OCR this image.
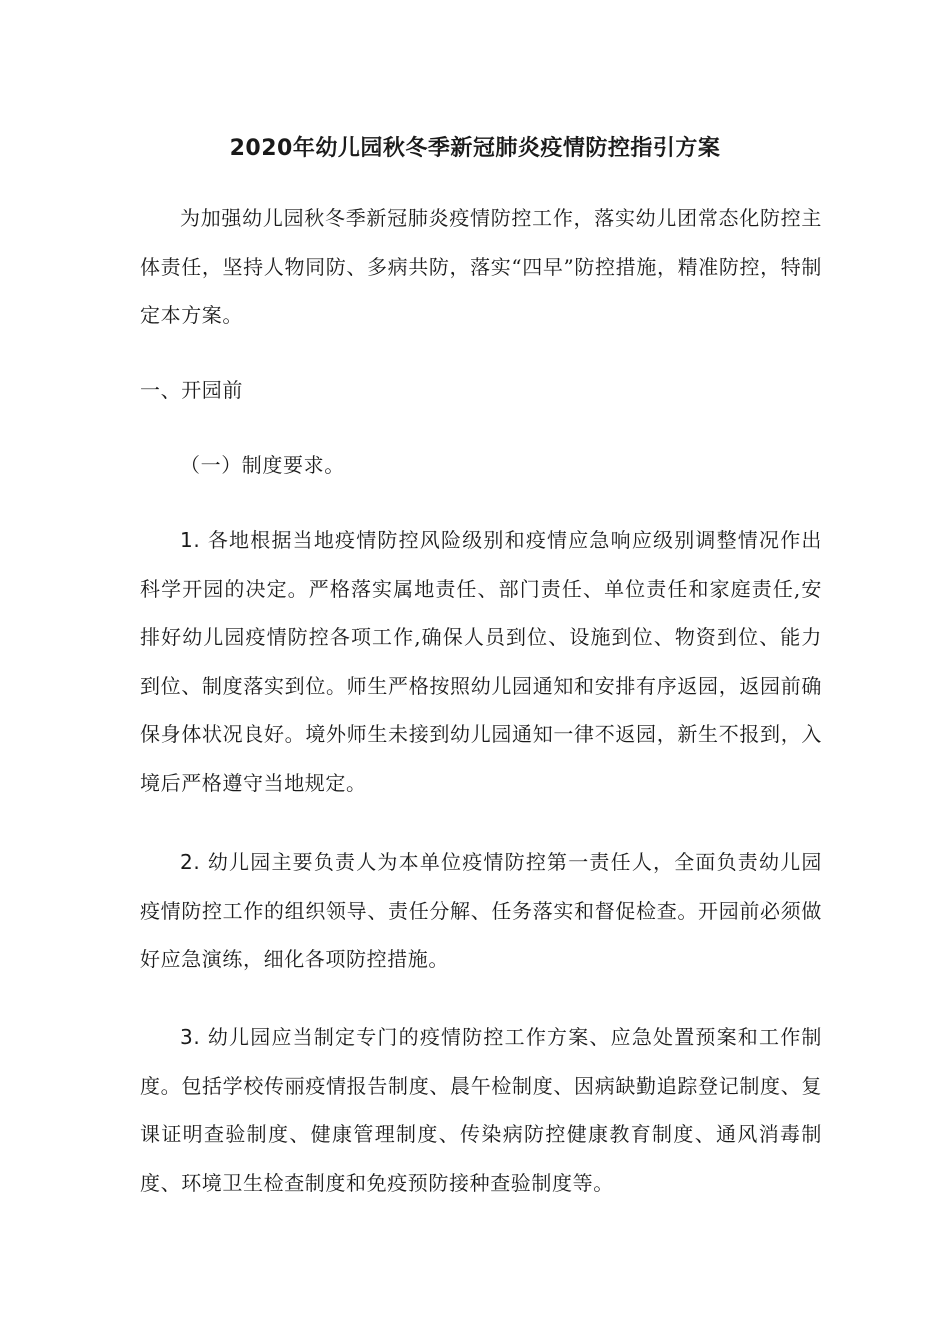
2020年幼儿园秋冬季新冠肺炎疫情防控指引方案

为加强幼儿园秋冬季新冠肺炎疫情防控工作，落实幼儿团常态化防控主体责任，坚持人物同防、多病共防，落实“四早”防控措施，精准防控，特制定本方案。

一、开园前

（一）制度要求。

1. 各地根据当地疫情防控风险级别和疫情应急响应级别调整情况作出科学开园的决定。严格落实属地责任、部门责任、单位责任和家庭责任,安排好幼儿园疫情防控各项工作,确保人员到位、设施到位、物资到位、能力到位、制度落实到位。师生严格按照幼儿园通知和安排有序返园，返园前确保身体状况良好。境外师生未接到幼儿园通知一律不返园，新生不报到，入境后严格遵守当地规定。

2. 幼儿园主要负责人为本单位疫情防控第一责任人，全面负责幼儿园疫情防控工作的组织领导、责任分解、任务落实和督促检查。开园前必须做好应急演练，细化各项防控措施。

3. 幼儿园应当制定专门的疫情防控工作方案、应急处置预案和工作制度。包括学校传丽疫情报告制度、晨午检制度、因病缺勤追踪登记制度、复课证明查验制度、健康管理制度、传染病防控健康教育制度、通风消毒制度、环境卫生检查制度和免疫预防接种查验制度等。
